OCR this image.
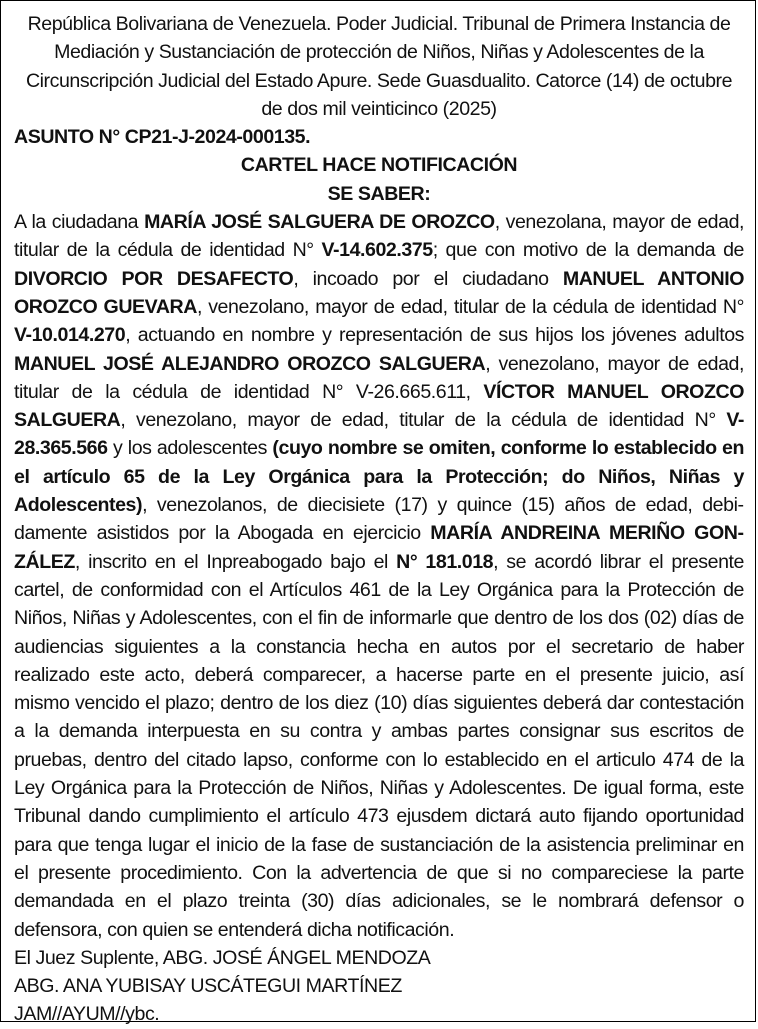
República Bolivariana de Venezuela. Poder Judicial. Tribunal de Primera Instancia de Mediación y Sustanciación de protección de Niños, Niñas y Adolescentes de la Circunscripción Judicial del Estado Apure. Sede Guasdualito. Catorce (14) de octubre de dos mil veinticinco (2025)

ASUNTO N° CP21-J-2024-000135.

CARTEL HACE NOTIFICACIÓN

SE SABER:

A la ciudadana MARÍA JOSÉ SALGUERA DE OROZCO, venezolana, mayor de edad, titular de la cédula de identidad N° V-14.602.375; que con motivo de la demanda de DIVORCIO POR DESAFECTO, incoado por el ciudadano MANUEL ANTONIO OROZCO GUEVARA, venezolano, mayor de edad, titular de la cédula de identidad N° V-10.014.270, actuando en nombre y representación de sus hijos los jóvenes adultos MANUEL JOSÉ ALEJANDRO OROZCO SALGUERA, venezolano, mayor de edad, titular de la cédula de identidad N° V-26.665.611, VÍCTOR MANUEL OROZCO SALGUERA, venezolano, mayor de edad, titular de la cédula de identidad N° V-28.365.566 y los adolescentes (cuyo nombre se omiten, conforme lo establecido en el artículo 65 de la Ley Orgánica para la Protección; do Niños, Niñas y Adolescentes), venezolanos, de diecisiete (17) y quince (15) años de edad, debidamente asistidos por la Abogada en ejercicio MARÍA ANDREINA MERIÑO GONZÁLEZ, inscrito en el Inpreabogado bajo el N° 181.018, se acordó librar el presente cartel, de conformidad con el Artículos 461 de la Ley Orgánica para la Protección de Niños, Niñas y Adolescentes, con el fin de informarle que dentro de los dos (02) días de audiencias siguientes a la constancia hecha en autos por el secretario de haber realizado este acto, deberá comparecer, a hacerse parte en el presente juicio, así mismo vencido el plazo; dentro de los diez (10) días siguientes deberá dar contestación a la demanda interpuesta en su contra y ambas partes consignar sus escritos de pruebas, dentro del citado lapso, conforme con lo establecido en el articulo 474 de la Ley Orgánica para la Protección de Niños, Niñas y Adolescentes. De igual forma, este Tribunal dando cumplimiento el artículo 473 ejusdem dictará auto fijando oportunidad para que tenga lugar el inicio de la fase de sustanciación de la asistencia preliminar en el presente procedimiento. Con la advertencia de que si no compareciese la parte demandada en el plazo treinta (30) días adicionales, se le nombrará defensor o defensora, con quien se entenderá dicha notificación.

El Juez Suplente, ABG. JOSÉ ÁNGEL MENDOZA

ABG. ANA YUBISAY USCÁTEGUI MARTÍNEZ

JAM//AYUM//ybc.
